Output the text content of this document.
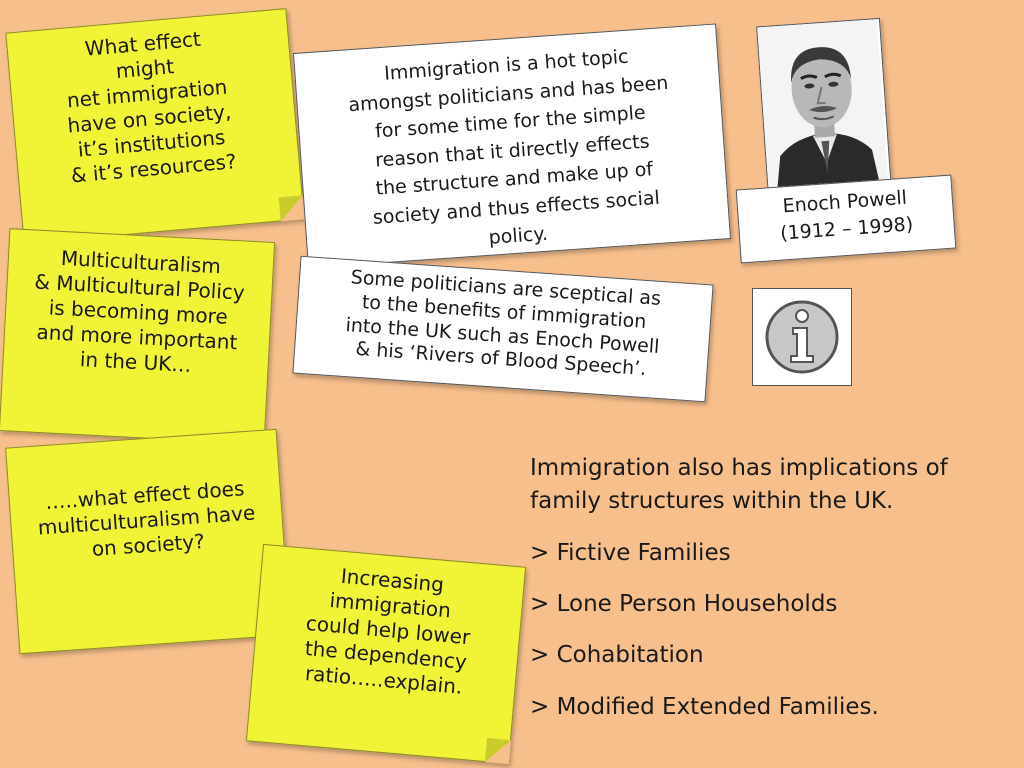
What effect
might
net immigration
have on society,
it’s institutions
& it’s resources?
Multiculturalism
& Multicultural Policy
is becoming more
and more important
in the UK…
…..what effect does
multiculturalism have
on society?
Increasing
immigration
could help lower
the dependency
ratio…..explain.
Immigration is a hot topic
amongst politicians and has been
for some time for the simple
reason that it directly effects
the structure and make up of
society and thus effects social
policy.
Some politicians are sceptical as
to the benefits of immigration
into the UK such as Enoch Powell
& his ‘Rivers of Blood Speech’.
Enoch Powell
(1912 – 1998)

Immigration also has implications of family structures within the UK.

> Fictive Families
> Lone Person Households
> Cohabitation
> Modified Extended Families.
